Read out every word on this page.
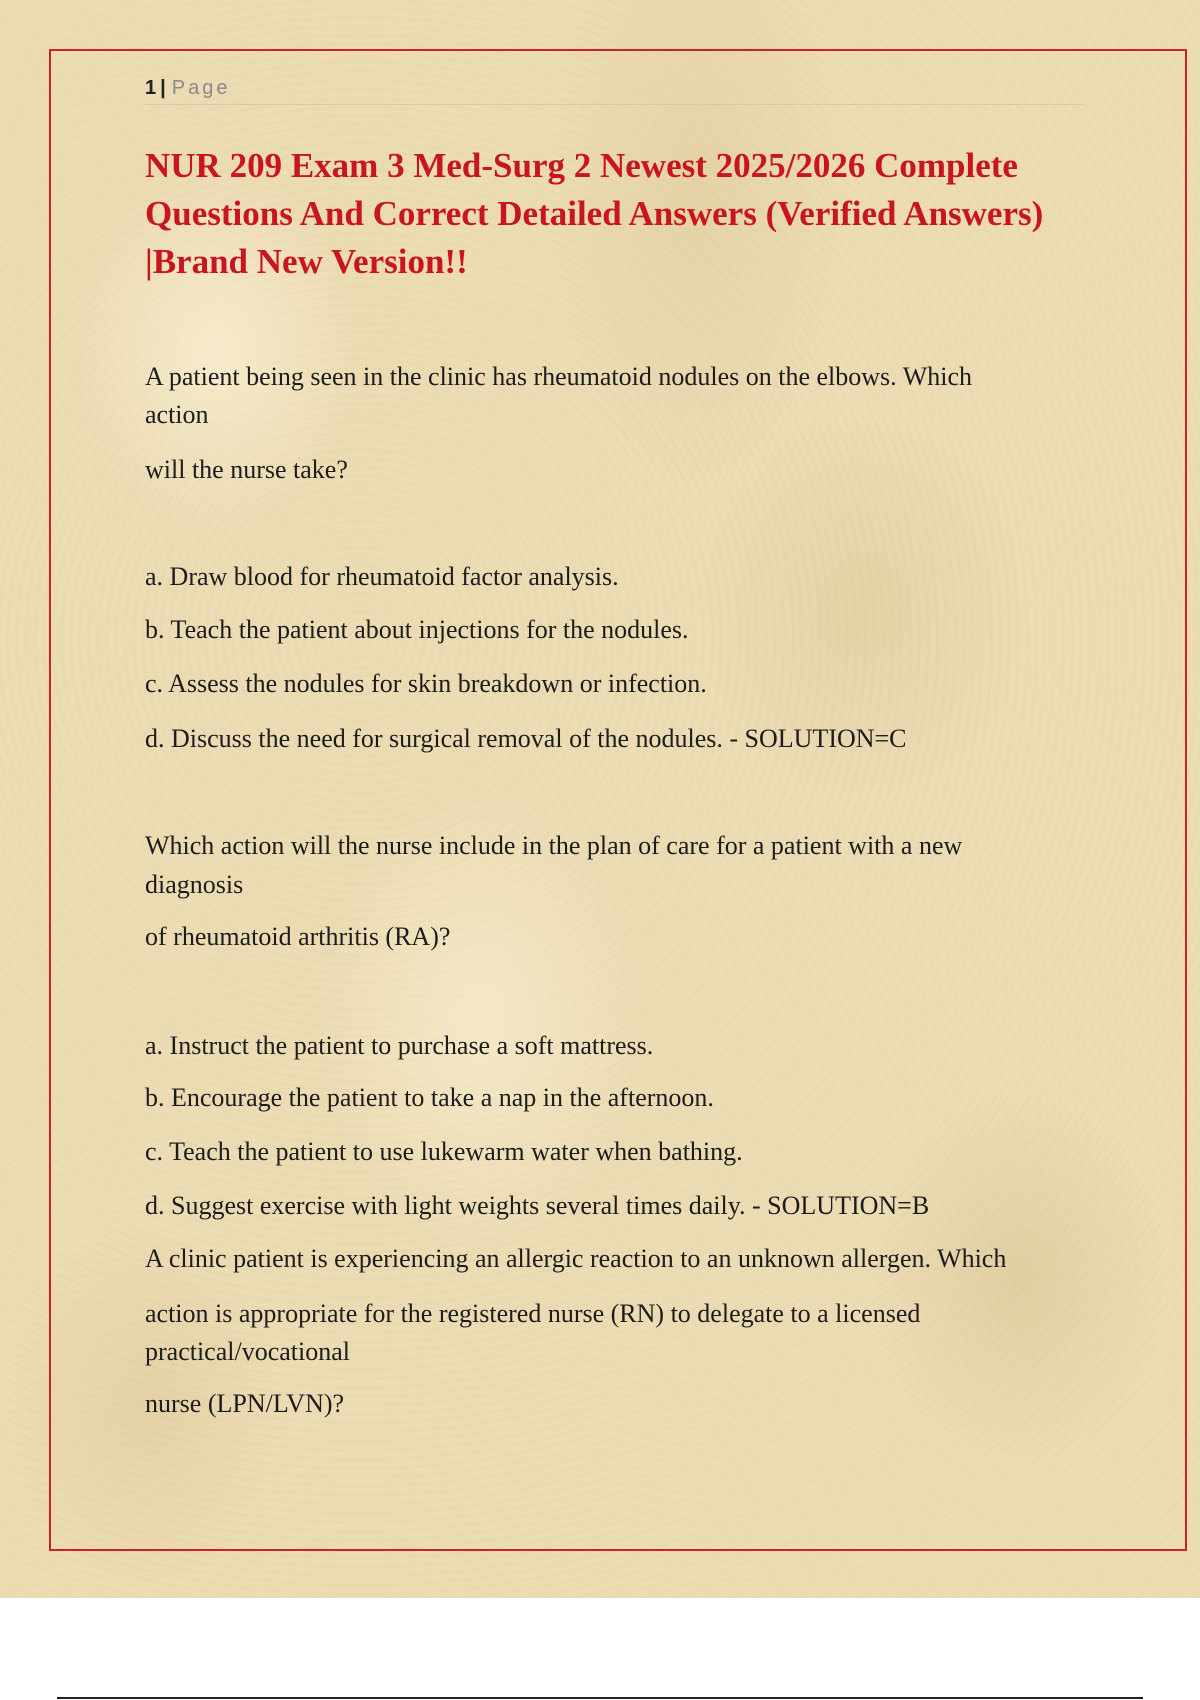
1 | Page
NUR 209 Exam 3 Med-Surg 2 Newest 2025/2026 Complete
Questions And Correct Detailed Answers (Verified Answers)
|Brand New Version!!

A patient being seen in the clinic has rheumatoid nodules on the elbows. Which

action

will the nurse take?

a. Draw blood for rheumatoid factor analysis.

b. Teach the patient about injections for the nodules.

c. Assess the nodules for skin breakdown or infection.

d. Discuss the need for surgical removal of the nodules. - SOLUTION=C

Which action will the nurse include in the plan of care for a patient with a new

diagnosis

of rheumatoid arthritis (RA)?

a. Instruct the patient to purchase a soft mattress.

b. Encourage the patient to take a nap in the afternoon.

c. Teach the patient to use lukewarm water when bathing.

d. Suggest exercise with light weights several times daily. - SOLUTION=B

A clinic patient is experiencing an allergic reaction to an unknown allergen. Which

action is appropriate for the registered nurse (RN) to delegate to a licensed

practical/vocational

nurse (LPN/LVN)?
